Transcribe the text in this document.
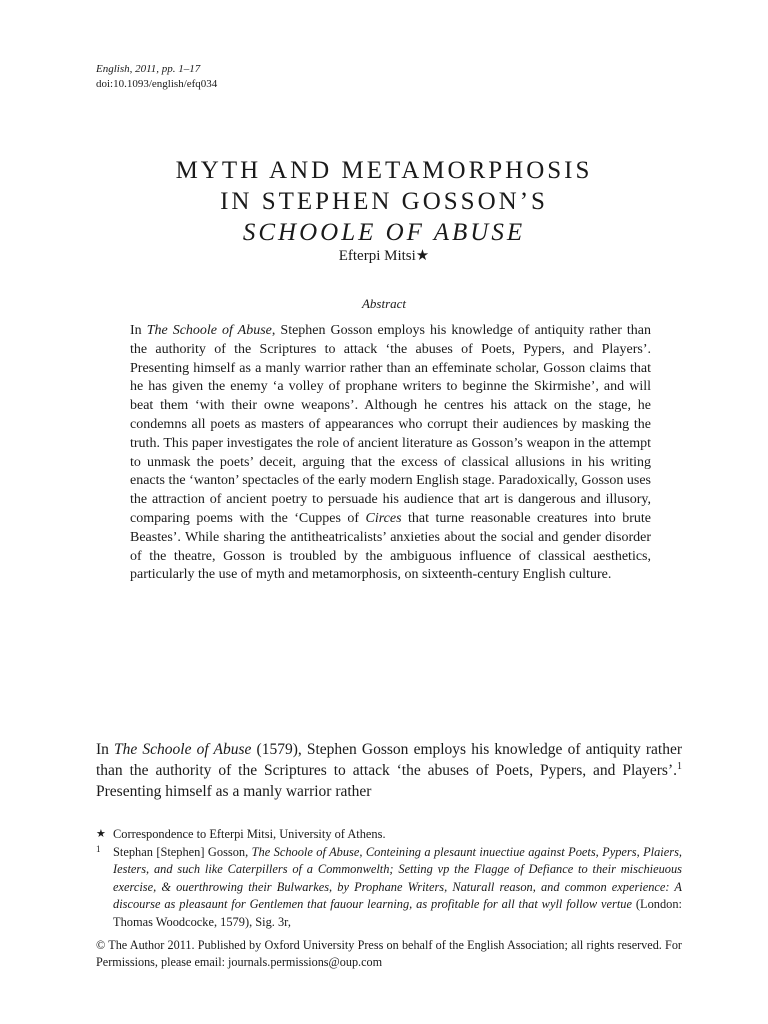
English, 2011, pp. 1–17
doi:10.1093/english/efq034
MYTH AND METAMORPHOSIS
IN STEPHEN GOSSON’S
SCHOOLE OF ABUSE
Efterpi Mitsi★
Abstract

In The Schoole of Abuse, Stephen Gosson employs his knowledge of antiquity rather than the authority of the Scriptures to attack ‘the abuses of Poets, Pypers, and Players’. Presenting himself as a manly warrior rather than an effeminate scholar, Gosson claims that he has given the enemy ‘a volley of prophane writers to beginne the Skirmishe’, and will beat them ‘with their owne weapons’. Although he centres his attack on the stage, he condemns all poets as masters of appearances who corrupt their audiences by masking the truth. This paper investigates the role of ancient literature as Gosson’s weapon in the attempt to unmask the poets’ deceit, arguing that the excess of classical allusions in his writing enacts the ‘wanton’ spectacles of the early modern English stage. Paradoxically, Gosson uses the attraction of ancient poetry to persuade his audience that art is dangerous and illusory, comparing poems with the ‘Cuppes of Circes that turne reasonable creatures into brute Beastes’. While sharing the antitheatricalists’ anxieties about the social and gender disorder of the theatre, Gosson is troubled by the ambiguous influence of classical aesthetics, particularly the use of myth and metamorphosis, on sixteenth-century English culture.

In The Schoole of Abuse (1579), Stephen Gosson employs his knowledge of antiquity rather than the authority of the Scriptures to attack ‘the abuses of Poets, Pypers, and Players’.$^1$ Presenting himself as a manly warrior rather

★ Correspondence to Efterpi Mitsi, University of Athens.
1 Stephan [Stephen] Gosson, The Schoole of Abuse, Conteining a plesaunt inuectiue against Poets, Pypers, Plaiers, Iesters, and such like Caterpillers of a Commonwelth; Setting vp the Flagge of Defiance to their mischieuous exercise, & ouerthrowing their Bulwarkes, by Prophane Writers, Naturall reason, and common experience: A discourse as pleasaunt for Gentlemen that fauour learning, as profitable for all that wyll follow vertue (London: Thomas Woodcocke, 1579), Sig. 3r,
© The Author 2011. Published by Oxford University Press on behalf of the English Association; all rights reserved. For Permissions, please email: journals.permissions@oup.com
